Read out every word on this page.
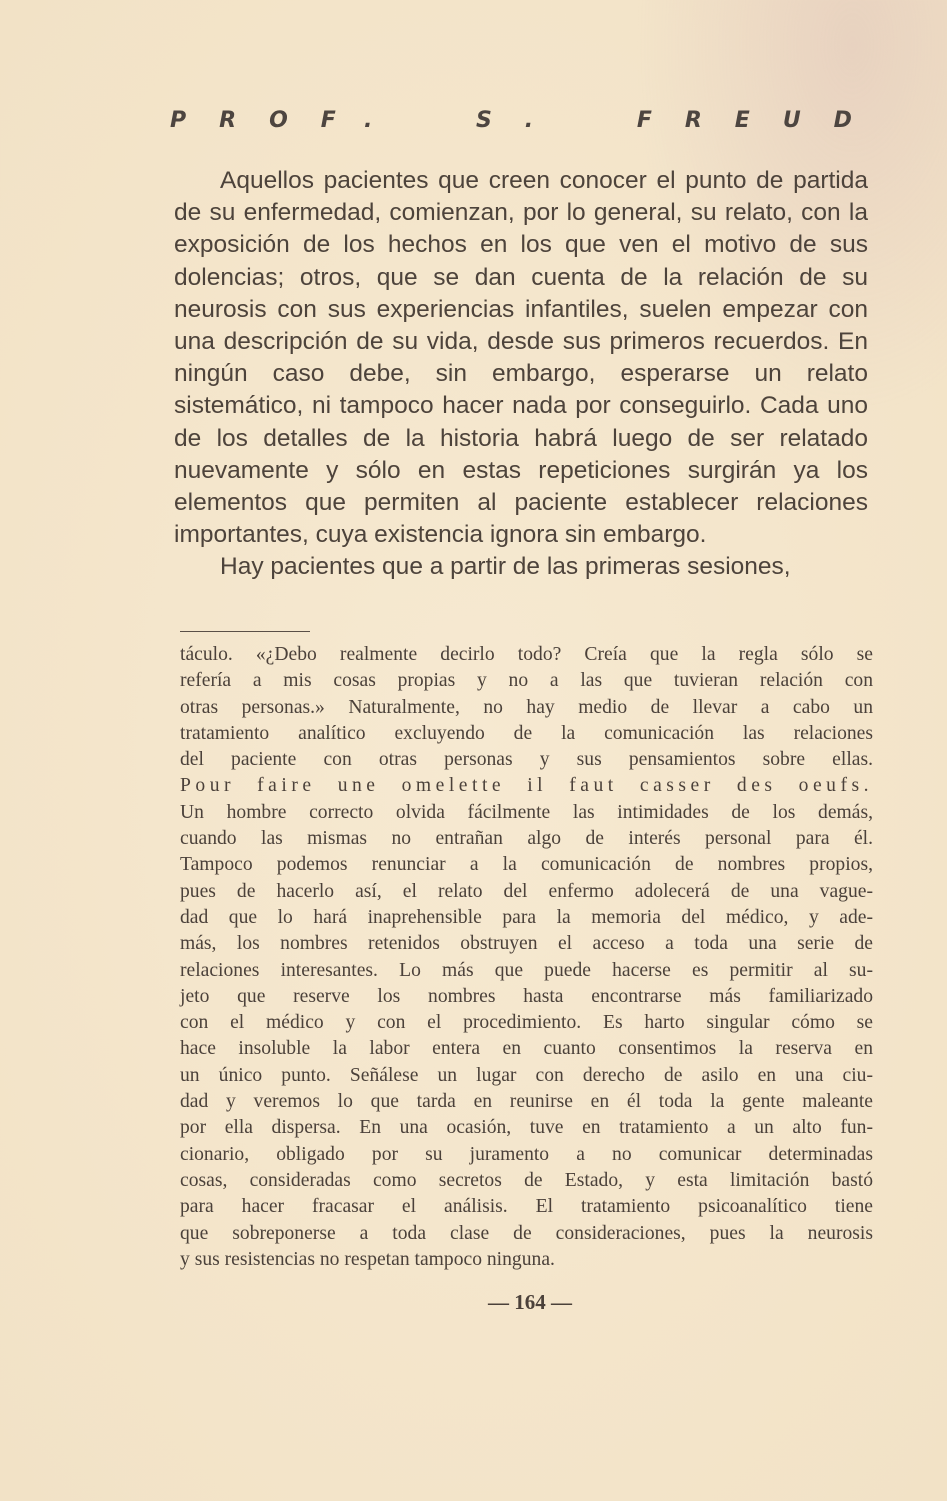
PROF. S. FREUD

Aquellos pacientes que creen conocer el punto de partida de su enfermedad, comienzan, por lo general, su relato, con la exposición de los hechos en los que ven el motivo de sus dolencias; otros, que se dan cuenta de la relación de su neurosis con sus experiencias infantiles, suelen empezar con una descripción de su vida, desde sus primeros recuerdos. En ningún caso debe, sin embargo, esperarse un relato sistemático, ni tampoco hacer nada por conseguirlo. Cada uno de los detalles de la historia habrá luego de ser relatado nuevamente y sólo en estas repeticiones surgirán ya los elementos que permiten al paciente establecer relaciones importantes, cuya existencia ignora sin embargo.

Hay pacientes que a partir de las primeras sesiones,

táculo. «¿Debo realmente decirlo todo? Creía que la regla sólo se
refería a mis cosas propias y no a las que tuvieran relación con
otras personas.» Naturalmente, no hay medio de llevar a cabo un
tratamiento analítico excluyendo de la comunicación las relaciones
del paciente con otras personas y sus pensamientos sobre ellas.
Pour faire une omelette il faut casser des oeufs.
Un hombre correcto olvida fácilmente las intimidades de los demás,
cuando las mismas no entrañan algo de interés personal para él.
Tampoco podemos renunciar a la comunicación de nombres propios,
pues de hacerlo así, el relato del enfermo adolecerá de una vague-
dad que lo hará inaprehensible para la memoria del médico, y ade-
más, los nombres retenidos obstruyen el acceso a toda una serie de
relaciones interesantes. Lo más que puede hacerse es permitir al su-
jeto que reserve los nombres hasta encontrarse más familiarizado
con el médico y con el procedimiento. Es harto singular cómo se
hace insoluble la labor entera en cuanto consentimos la reserva en
un único punto. Señálese un lugar con derecho de asilo en una ciu-
dad y veremos lo que tarda en reunirse en él toda la gente maleante
por ella dispersa. En una ocasión, tuve en tratamiento a un alto fun-
cionario, obligado por su juramento a no comunicar determinadas
cosas, consideradas como secretos de Estado, y esta limitación bastó
para hacer fracasar el análisis. El tratamiento psicoanalítico tiene
que sobreponerse a toda clase de consideraciones, pues la neurosis
y sus resistencias no respetan tampoco ninguna.
— 164 —
